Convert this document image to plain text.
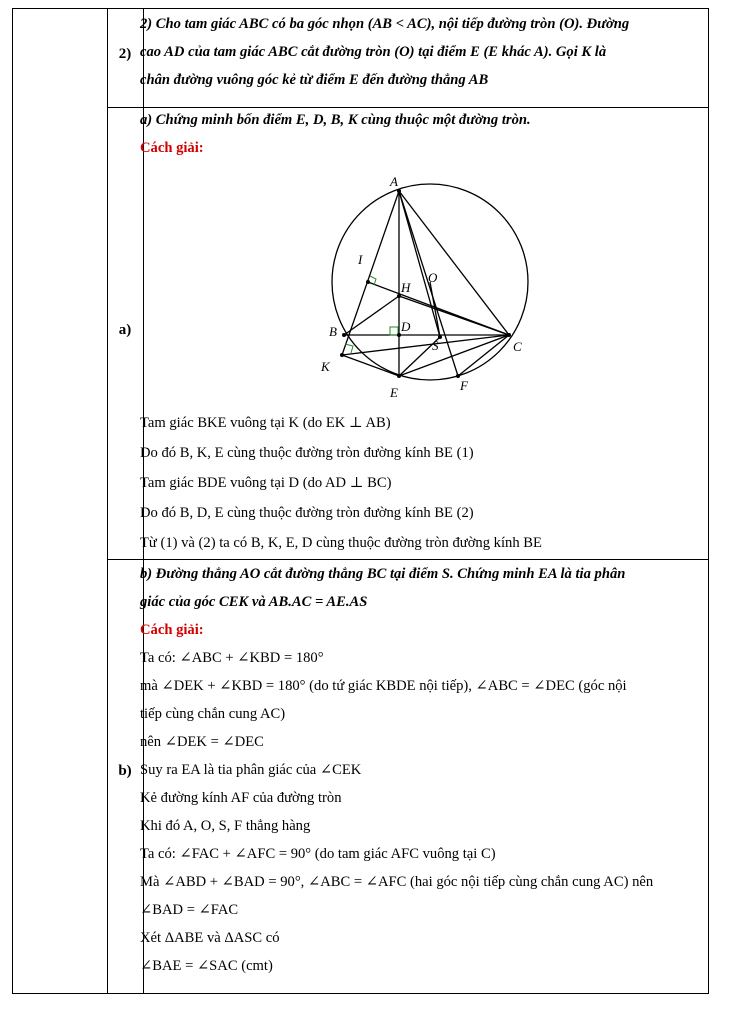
2)

2) Cho tam giác ABC có ba góc nhọn (AB < AC), nội tiếp đường tròn (O). Đường

cao AD của tam giác ABC cắt đường tròn (O) tại điểm E (E khác A). Gọi K là

chân đường vuông góc kẻ từ điểm E đến đường thẳng AB

a)

a) Chứng minh bốn điểm E, D, B, K cùng thuộc một đường tròn.

Cách giải:

A
I
O
H
B	D
S	C
K
E	F

Tam giác BKE vuông tại K (do EK ⊥ AB)

Do đó B, K, E cùng thuộc đường tròn đường kính BE (1)

Tam giác BDE vuông tại D (do AD ⊥ BC)

Do đó B, D, E cùng thuộc đường tròn đường kính BE (2)

Từ (1) và (2) ta có B, K, E, D cùng thuộc đường tròn đường kính BE

b)

b) Đường thẳng AO cắt đường thẳng BC tại điểm S. Chứng minh EA là tia phân

giác của góc CEK và AB.AC = AE.AS

Cách giải:

Ta có: ∠ABC + ∠KBD = 180°

mà ∠DEK + ∠KBD = 180° (do tứ giác KBDE nội tiếp), ∠ABC = ∠DEC (góc nội

tiếp cùng chắn cung AC)

nên ∠DEK = ∠DEC

Suy ra EA là tia phân giác của ∠CEK

Kẻ đường kính AF của đường tròn

Khi đó A, O, S, F thẳng hàng

Ta có: ∠FAC + ∠AFC = 90° (do tam giác AFC vuông tại C)

Mà ∠ABD + ∠BAD = 90°, ∠ABC = ∠AFC (hai góc nội tiếp cùng chắn cung AC) nên

∠BAD = ∠FAC

Xét ΔABE và ΔASC có

∠BAE = ∠SAC (cmt)
